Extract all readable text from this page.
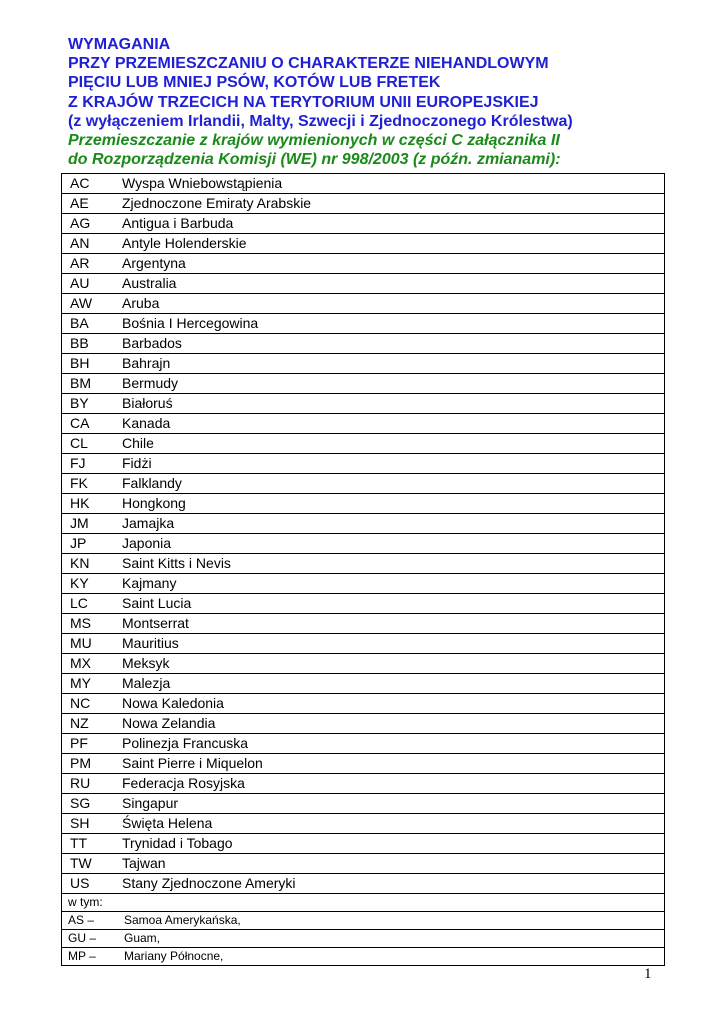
WYMAGANIA
PRZY PRZEMIESZCZANIU O CHARAKTERZE NIEHANDLOWYM
PIĘCIU LUB MNIEJ PSÓW, KOTÓW LUB FRETEK
Z KRAJÓW TRZECICH NA TERYTORIUM UNII EUROPEJSKIEJ
(z wyłączeniem Irlandii, Malty, Szwecji i Zjednoczonego Królestwa)
Przemieszczanie z krajów wymienionych w części C załącznika II
do Rozporządzenia Komisji (WE) nr 998/2003 (z późn. zmianami):
AC Wyspa Wniebowstąpienia
AE Zjednoczone Emiraty Arabskie
AG Antigua i Barbuda
AN Antyle Holenderskie
AR Argentyna
AU Australia
AW Aruba
BA Bośnia I Hercegowina
BB Barbados
BH Bahrajn
BM Bermudy
BY Białoruś
CA Kanada
CL Chile
FJ	Fidżi
FK Falklandy
HK Hongkong
JM Jamajka
JP	Japonia
KN Saint Kitts i Nevis
KY Kajmany
LC Saint Lucia
MS Montserrat
MU Mauritius
MX Meksyk
MY Malezja
NC Nowa Kaledonia
NZ Nowa Zelandia
PF Polinezja Francuska
PM Saint Pierre i Miquelon
RU Federacja Rosyjska
SG Singapur
SH Święta Helena
TT Trynidad i Tobago
TW Tajwan
US Stany Zjednoczone Ameryki
w tym:
AS – Samoa Amerykańska,
GU – Guam,
MP – Mariany Północne,
1
